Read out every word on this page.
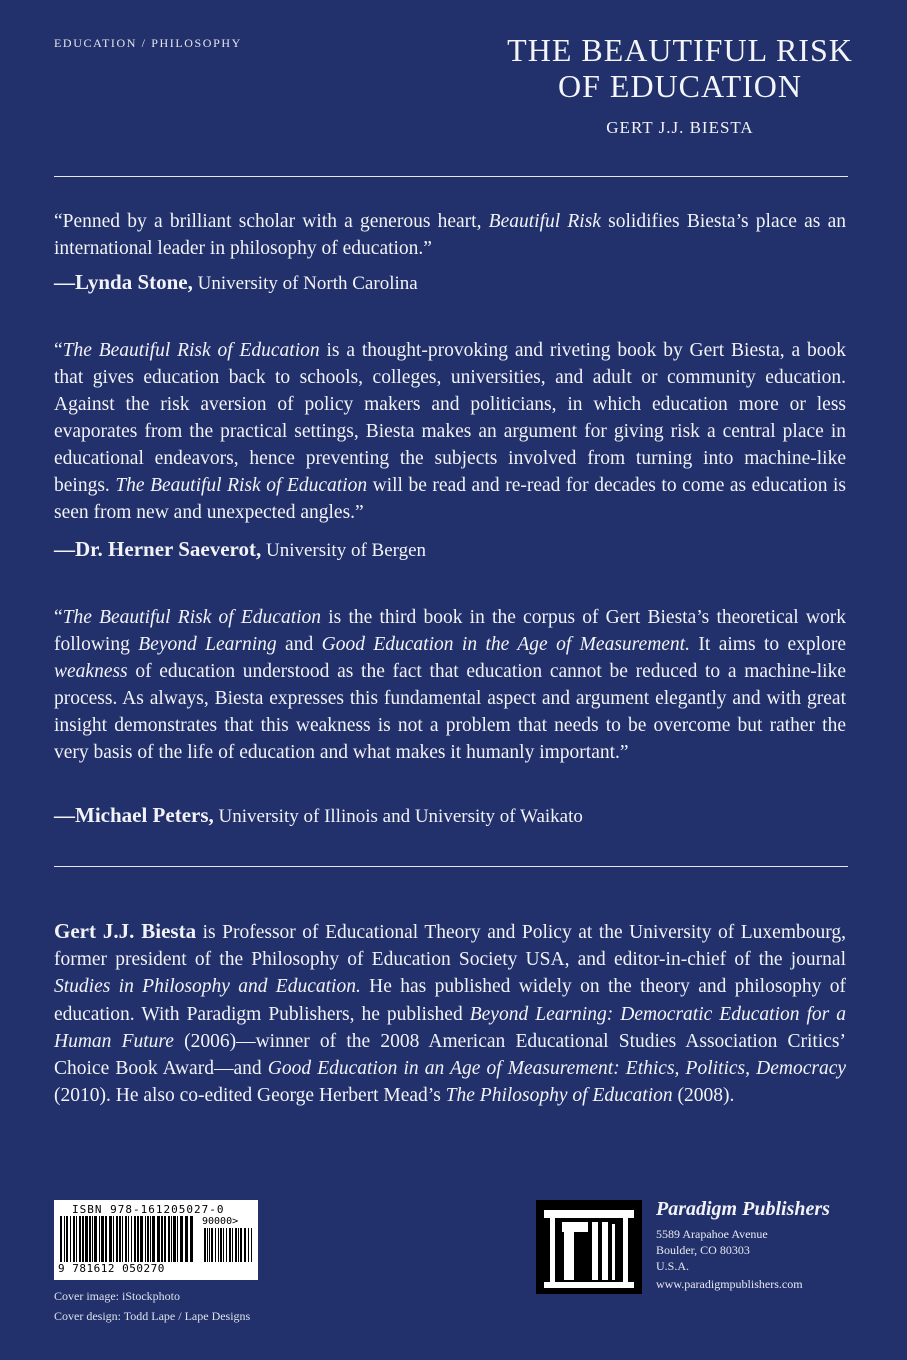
EDUCATION / PHILOSOPHY	THE BEAUTIFUL RISK
OF EDUCATION
GERT J.J. BIESTA

“Penned by a brilliant scholar with a generous heart, Beautiful Risk solidifies Biesta’s place as an international leader in philosophy of education.”

—Lynda Stone, University of North Carolina

“The Beautiful Risk of Education is a thought-provoking and riveting book by Gert Biesta, a book that gives education back to schools, colleges, universities, and adult or community education. Against the risk aversion of policy makers and politicians, in which education more or less evaporates from the practical settings, Biesta makes an argument for giving risk a central place in educational endeavors, hence preventing the subjects involved from turning into machine-like beings. The Beautiful Risk of Education will be read and re-read for decades to come as education is seen from new and unexpected angles.”

—Dr. Herner Saeverot, University of Bergen

“The Beautiful Risk of Education is the third book in the corpus of Gert Biesta’s theoretical work following Beyond Learning and Good Education in the Age of Measurement. It aims to explore weakness of education understood as the fact that education cannot be reduced to a machine-like process. As always, Biesta expresses this fundamental aspect and argument elegantly and with great insight demonstrates that this weakness is not a problem that needs to be overcome but rather the very basis of the life of education and what makes it humanly important.”

—Michael Peters, University of Illinois and University of Waikato
Gert J.J. Biesta is Professor of Educational Theory and Policy at the University of Luxembourg, former president of the Philosophy of Education Society USA, and editor-in-chief of the journal Studies in Philosophy and Education. He has published widely on the theory and philosophy of education. With Paradigm Publishers, he published Beyond Learning: Democratic Education for a Human Future (2006)—winner of the 2008 American Educational Studies Association Critics’ Choice Book Award—and Good Education in an Age of Measurement: Ethics, Politics, Democracy (2010). He also co-edited George Herbert Mead’s The Philosophy of Education (2008).
ISBN 978-161205027-0
90000>
9 781612 050270
Cover image: iStockphoto
Cover design: Todd Lape / Lape Designs
Paradigm Publishers
5589 Arapahoe Avenue
Boulder, CO 80303
U.S.A.
www.paradigmpublishers.com
